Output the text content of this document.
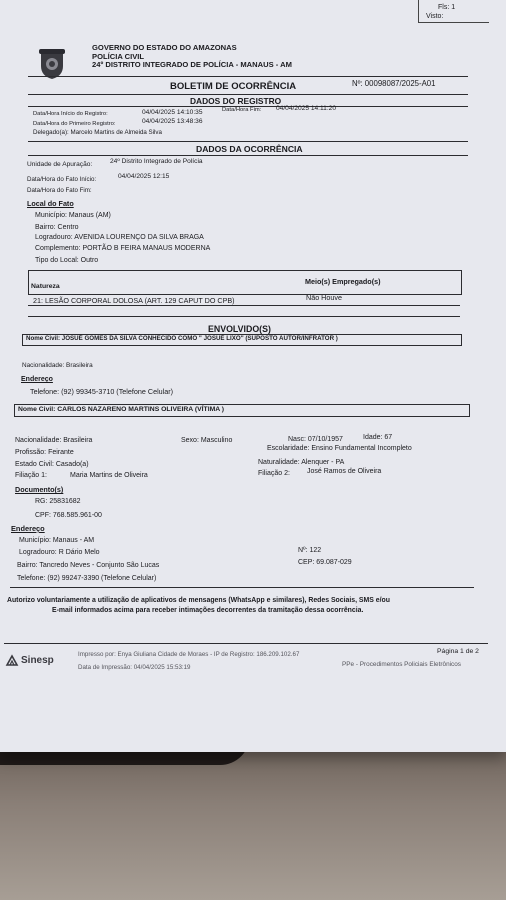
Fls: 1
Visto:
GOVERNO DO ESTADO DO AMAZONAS
POLÍCIA CIVIL
24º DISTRITO INTEGRADO DE POLÍCIA - MANAUS - AM
BOLETIM DE OCORRÊNCIA	Nº: 00098087/2025-A01
DADOS DO REGISTRO
Data/Hora Início do Registro:	04/04/2025 14:10:35	Data/Hora Fim: 04/04/2025 14:11:20
Data/Hora do Primeiro Registro:	04/04/2025 13:48:36
Delegado(a): Marcelo Martins de Almeida Silva
DADOS DA OCORRÊNCIA
Unidade de Apuração:	24º Distrito Integrado de Polícia
Data/Hora do Fato Início:	04/04/2025 12:15
Data/Hora do Fato Fim:
Local do Fato
Município: Manaus (AM)
Bairro: Centro
Logradouro: AVENIDA LOURENÇO DA SILVA BRAGA
Complemento: PORTÃO B FEIRA MANAUS MODERNA
Tipo do Local: Outro
Natureza
Meio(s) Empregado(s)
21: LESÃO CORPORAL DOLOSA (ART. 129 CAPUT DO CPB)	Não Houve
ENVOLVIDO(S)
Nome Civil: JOSUÉ GOMES DA SILVA CONHECIDO COMO " JOSUÉ LIXO" (SUPOSTO AUTOR/INFRATOR )
Nacionalidade: Brasileira
Endereço
Telefone: (92) 99345-3710 (Telefone Celular)
Nome Civil: CARLOS NAZARENO MARTINS OLIVEIRA (VÍTIMA )
Nacionalidade: Brasileira	Sexo: Masculino	Nasc: 07/10/1957	Idade: 67
Profissão: Feirante
Escolaridade: Ensino Fundamental Incompleto
Estado Civil: Casado(a)	Naturalidade: Alenquer - PA
Filiação 1:	Maria Martins de Oliveira	Filiação 2: José Ramos de Oliveira
Documento(s)
RG: 25831682
CPF: 768.585.961-00
Endereço
Município: Manaus - AM
Logradouro: R Dário Melo	Nº: 122
Bairro: Tancredo Neves - Conjunto São Lucas	CEP: 69.087-029
Telefone: (92) 99247-3390 (Telefone Celular)
Autorizo voluntariamente a utilização de aplicativos de mensagens (WhatsApp e similares), Redes Sociais, SMS e/ou
E-mail informados acima para receber intimações decorrentes da tramitação dessa ocorrência.
Sinesp
Impresso por: Enya Giuliana Cidade de Moraes - IP de Registro: 186.209.102.67
Data de Impressão: 04/04/2025 15:53:19
Página 1 de 2
PPe - Procedimentos Policiais Eletrônicos
